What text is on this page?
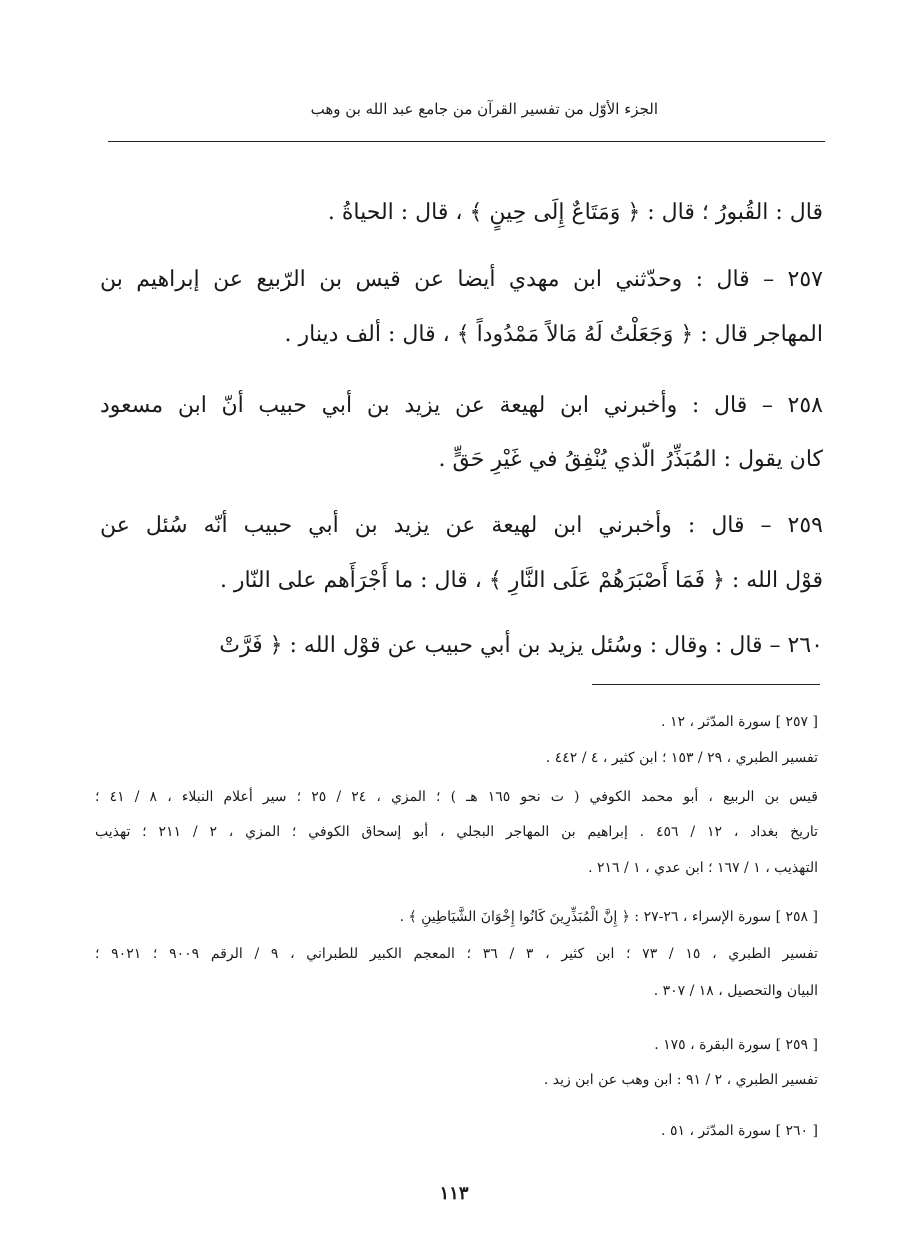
الجزء الأوّل من تفسير القرآن من جامع عبد الله بن وهب
قال : القُبورُ ؛ قال : ﴿ وَمَتَاعٌ إِلَى حِينٍ ﴾ ، قال : الحياةُ .
٢٥٧ – قال : وحدّثني ابن مهدي أيضا عن قيس بن الرّبيع عن إبراهيم بن
المهاجر قال : ﴿ وَجَعَلْتُ لَهُ مَالاً مَمْدُوداً ﴾ ، قال : ألف دينار .
٢٥٨ – قال : وأخبرني ابن لهيعة عن يزيد بن أبي حبيب أنّ ابن مسعود
كان يقول : المُبَذِّرُ الّذي يُنْفِقُ في غَيْرِ حَقٍّ .
٢٥٩ – قال : وأخبرني ابن لهيعة عن يزيد بن أبي حبيب أنّه سُئل عن
قوْل الله : ﴿ فَمَا أَصْبَرَهُمْ عَلَى النَّارِ ﴾ ، قال : ما أَجْرَأَهم على النّار .
٢٦٠ – قال : وقال : وسُئل يزيد بن أبي حبيب عن قوْل الله : ﴿ فَرَّتْ
[ ٢٥٧ ] سورة المدّثر ، ١٢ .
تفسير الطبري ، ٢٩ / ١٥٣ ؛ ابن كثير ، ٤ / ٤٤٢ .
قيس بن الربيع ، أبو محمد الكوفي ( ت نحو ١٦٥ هـ ) ؛ المزي ، ٢٤ / ٢٥ ؛ سير أعلام النبلاء ، ٨ / ٤١ ؛
تاريخ بغداد ، ١٢ / ٤٥٦ . إبراهيم بن المهاجر البجلي ، أبو إسحاق الكوفي ؛ المزي ، ٢ / ٢١١ ؛ تهذيب
التهذيب ، ١ / ١٦٧ ؛ ابن عدي ، ١ / ٢١٦ .
[ ٢٥٨ ] سورة الإسراء ، ٢٦-٢٧ : ﴿ إِنَّ الْمُبَذِّرِينَ كَانُوا إِخْوَانَ الشَّيَاطِينِ ﴾ .
تفسير الطبري ، ١٥ / ٧٣ ؛ ابن كثير ، ٣ / ٣٦ ؛ المعجم الكبير للطبراني ، ٩ / الرقم ٩٠٠٩ ؛ ٩٠٢١ ؛
البيان والتحصيل ، ١٨ / ٣٠٧ .
[ ٢٥٩ ] سورة البقرة ، ١٧٥ .
تفسير الطبري ، ٢ / ٩١ : ابن وهب عن ابن زيد .
[ ٢٦٠ ] سورة المدّثر ، ٥١ .
١١٣
